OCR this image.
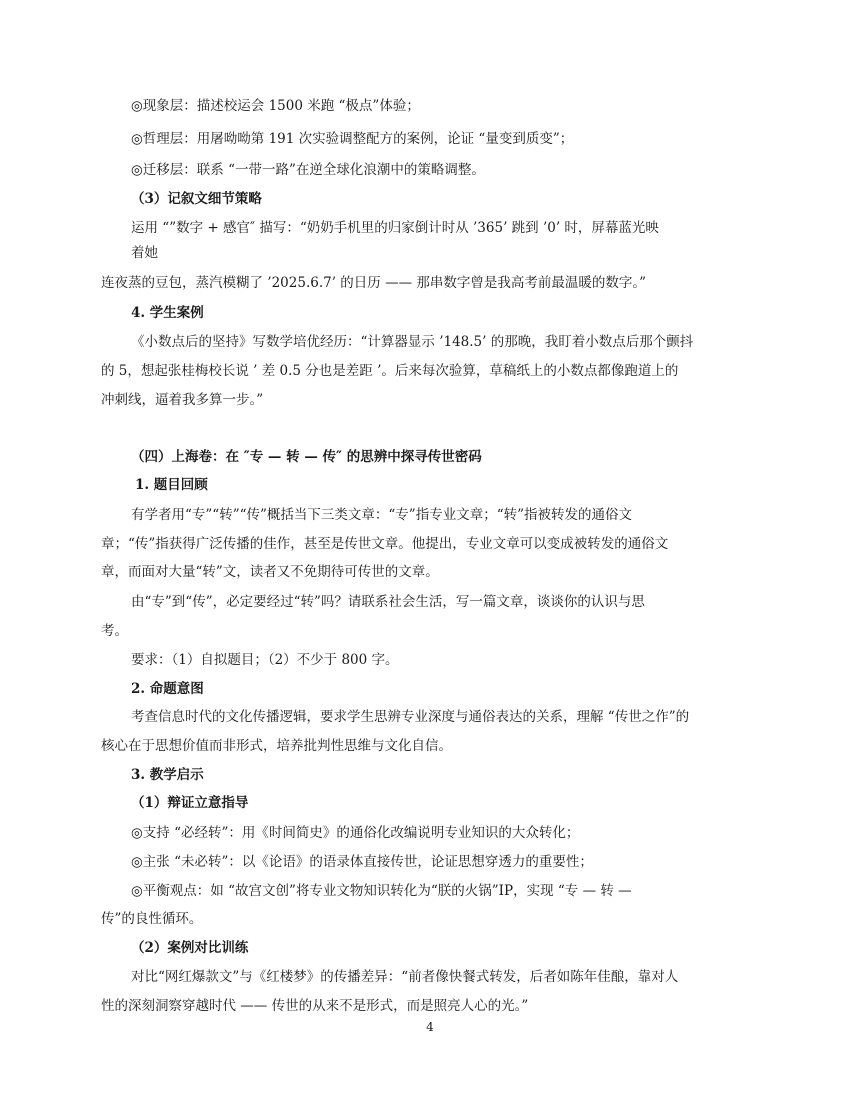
◎现象层：描述校运会 1500 米跑 “极点”体验；

◎哲理层：用屠呦呦第 191 次实验调整配方的案例，论证 “量变到质变”；

◎迁移层：联系 “一带一路”在逆全球化浪潮中的策略调整。

（3）记叙文细节策略

运用 “”数字 + 感官″ 描写：“奶奶手机里的归家倒计时从 ’365’ 跳到 ’0’ 时，屏幕蓝光映

着她

连夜蒸的豆包，蒸汽模糊了 ’2025.6.7’ 的日历 —— 那串数字曾是我高考前最温暖的数字。”

4. 学生案例

《小数点后的坚持》写数学培优经历：“计算器显示 ’148.5’ 的那晚，我盯着小数点后那个颤抖

的 5，想起张桂梅校长说 ’ 差 0.5 分也是差距 ’。后来每次验算，草稿纸上的小数点都像跑道上的

冲刺线，逼着我多算一步。”

（四）上海卷：在 ″专 — 转 — 传″ 的思辨中探寻传世密码

1. 题目回顾

有学者用“专”“转”“传”概括当下三类文章：“专”指专业文章；“转”指被转发的通俗文

章；“传”指获得广泛传播的佳作，甚至是传世文章。他提出，专业文章可以变成被转发的通俗文

章，而面对大量“转”文，读者又不免期待可传世的文章。

由“专”到“传”，必定要经过“转”吗？请联系社会生活，写一篇文章，谈谈你的认识与思

考。

要求：（1）自拟题目；（2）不少于 800 字。

2. 命题意图

考查信息时代的文化传播逻辑，要求学生思辨专业深度与通俗表达的关系，理解 “传世之作”的

核心在于思想价值而非形式，培养批判性思维与文化自信。

3. 教学启示

（1）辩证立意指导

◎支持 “必经转”：用《时间简史》的通俗化改编说明专业知识的大众转化；

◎主张 “未必转”：以《论语》的语录体直接传世，论证思想穿透力的重要性；

◎平衡观点：如 “故宫文创”将专业文物知识转化为“朕的火锅”IP，实现 “专 — 转 —

传”的良性循环。

（2）案例对比训练

对比“网红爆款文”与《红楼梦》的传播差异：“前者像快餐式转发，后者如陈年佳酿，靠对人

性的深刻洞察穿越时代 —— 传世的从来不是形式，而是照亮人心的光。”

4
